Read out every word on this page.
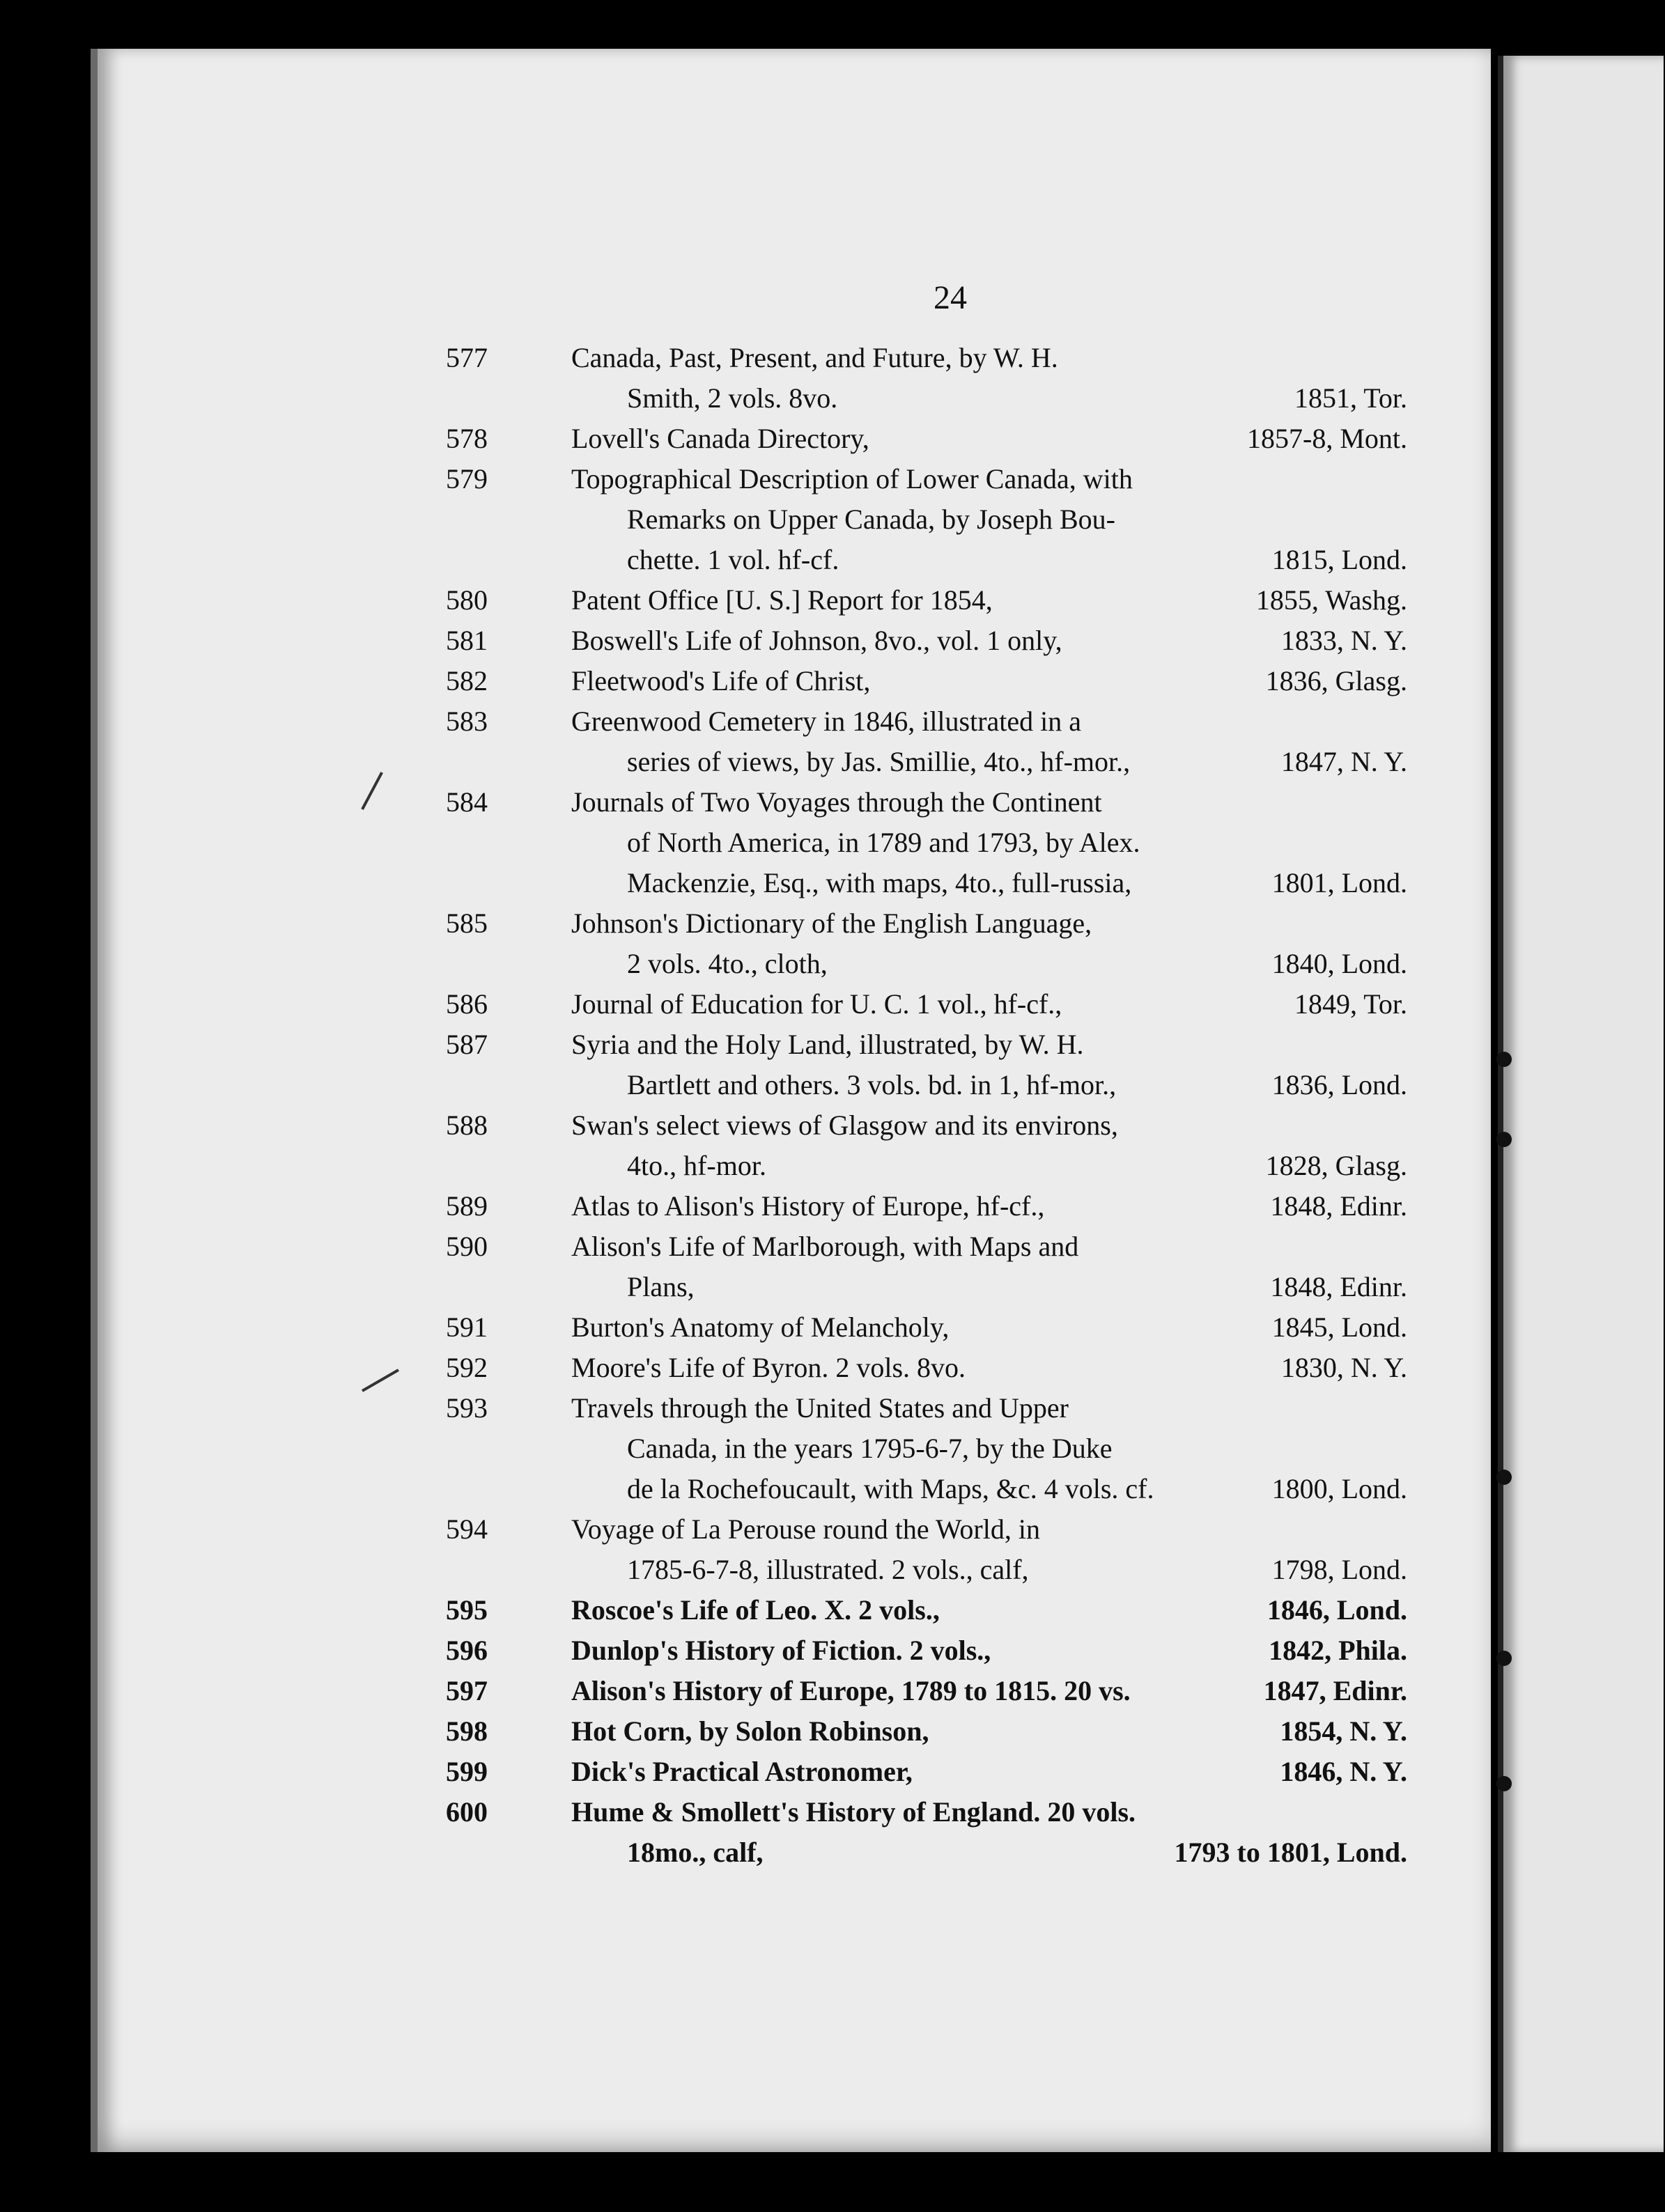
24
577	Canada, Past, Present, and Future, by W. H.
Smith, 2 vols. 8vo.	1851, Tor.
578	Lovell's Canada Directory,	1857-8, Mont.
579	Topographical Description of Lower Canada, with
Remarks on Upper Canada, by Joseph Bou-
chette. 1 vol. hf-cf.	1815, Lond.
580	Patent Office [U. S.] Report for 1854,	1855, Washg.
581	Boswell's Life of Johnson, 8vo., vol. 1 only,	1833, N. Y.
582	Fleetwood's Life of Christ,	1836, Glasg.
583	Greenwood Cemetery in 1846, illustrated in a
series of views, by Jas. Smillie, 4to., hf-mor.,	1847, N. Y.
584	Journals of Two Voyages through the Continent
of North America, in 1789 and 1793, by Alex.
Mackenzie, Esq., with maps, 4to., full-russia,	1801, Lond.
585	Johnson's Dictionary of the English Language,
2 vols. 4to., cloth,	1840, Lond.
586	Journal of Education for U. C. 1 vol., hf-cf.,	1849, Tor.
587	Syria and the Holy Land, illustrated, by W. H.
Bartlett and others. 3 vols. bd. in 1, hf-mor.,	1836, Lond.
588	Swan's select views of Glasgow and its environs,
4to., hf-mor.	1828, Glasg.
589	Atlas to Alison's History of Europe, hf-cf.,	1848, Edinr.
590	Alison's Life of Marlborough, with Maps and
Plans,	1848, Edinr.
591	Burton's Anatomy of Melancholy,	1845, Lond.
592	Moore's Life of Byron. 2 vols. 8vo.	1830, N. Y.
593	Travels through the United States and Upper
Canada, in the years 1795-6-7, by the Duke
de la Rochefoucault, with Maps, &c. 4 vols. cf.	1800, Lond.
594	Voyage of La Perouse round the World, in
1785-6-7-8, illustrated. 2 vols., calf,	1798, Lond.
595	Roscoe's Life of Leo. X. 2 vols.,	1846, Lond.
596	Dunlop's History of Fiction. 2 vols.,	1842, Phila.
597	Alison's History of Europe, 1789 to 1815. 20 vs.	1847, Edinr.
598	Hot Corn, by Solon Robinson,	1854, N. Y.
599	Dick's Practical Astronomer,	1846, N. Y.
600	Hume & Smollett's History of England. 20 vols.
18mo., calf,	1793 to 1801, Lond.
